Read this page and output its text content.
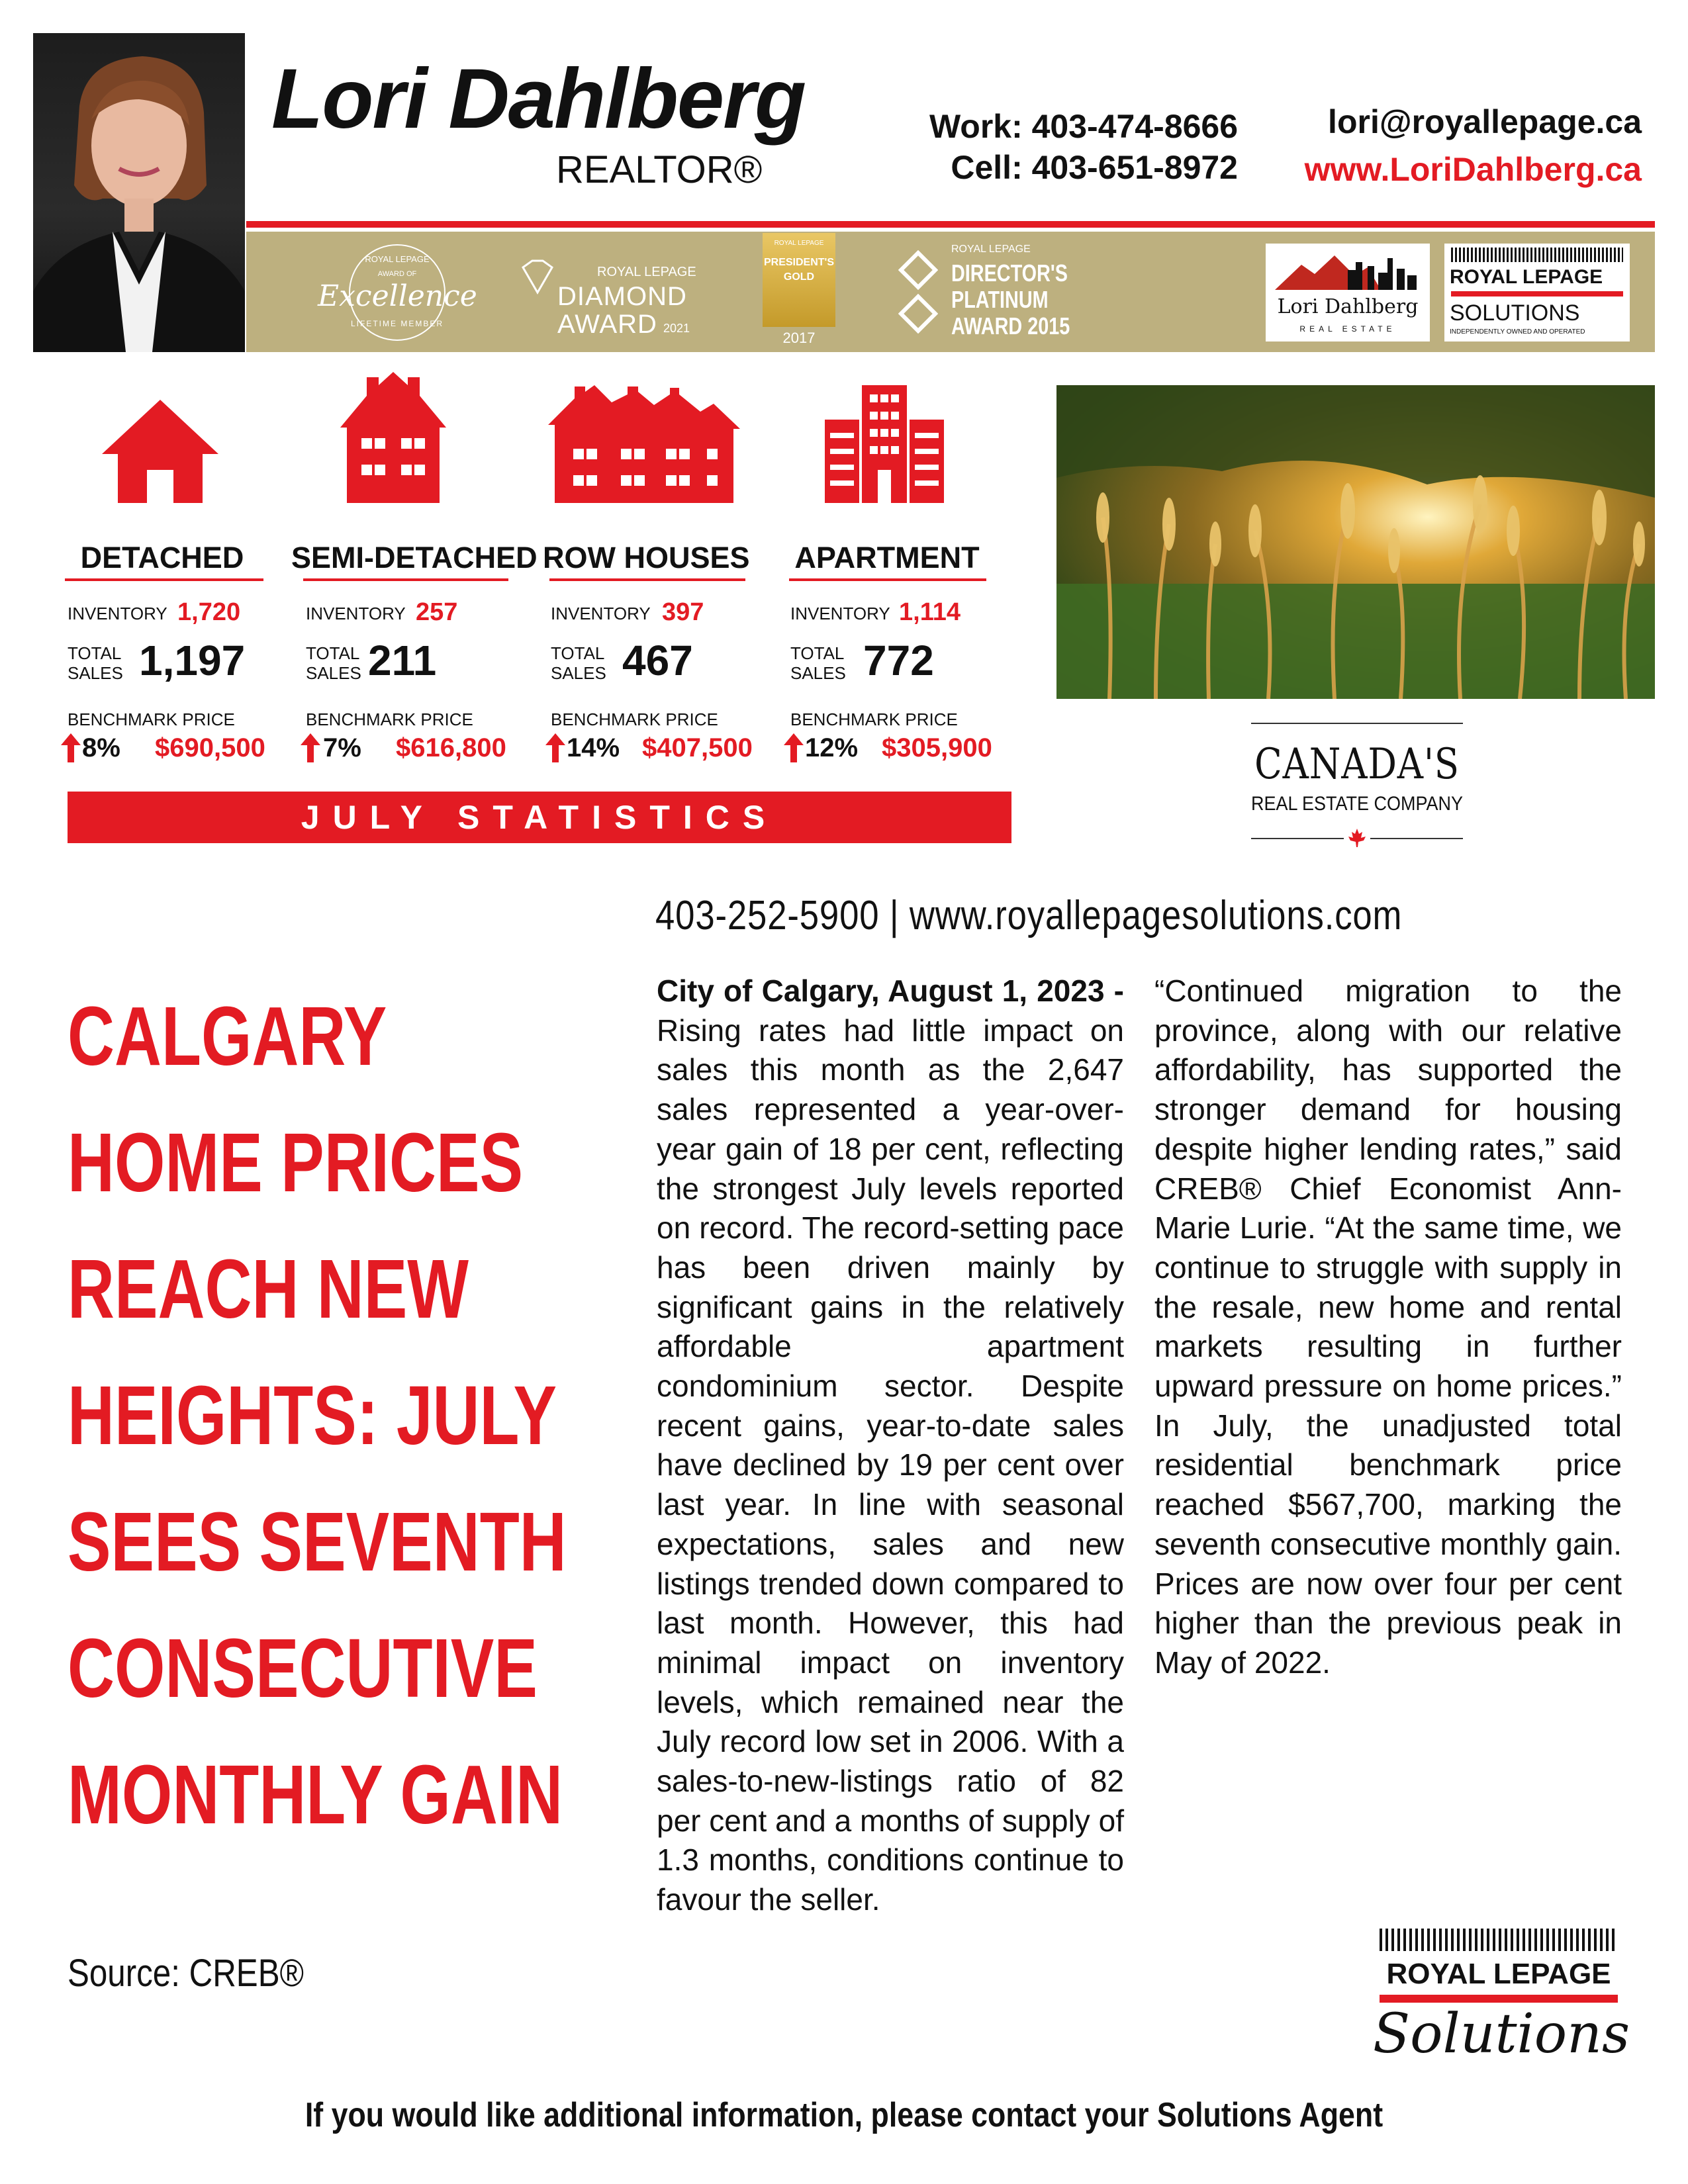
Lori Dahlberg
REALTOR®
Work: 403-474-8666
Cell: 403-651-8972
lori@royallepage.ca
www.LoriDahlberg.ca
ROYAL LEPAGE
AWARD OF
Excellence
LIFETIME MEMBER
ROYAL LEPAGE
DIAMOND
AWARD 2021
ROYAL LEPAGE
PRESIDENT'S
GOLD
2017
ROYAL LEPAGE
DIRECTOR'S
PLATINUM
AWARD 2015
Lori Dahlberg
REAL ESTATE
ROYAL LEPAGE
SOLUTIONS
INDEPENDENTLY OWNED AND OPERATED
DETACHED
INVENTORY 1,720
TOTAL
SALES 1,197
BENCHMARK PRICE
8% $690,500
SEMI-DETACHED
INVENTORY 257
TOTAL
SALES 211
BENCHMARK PRICE
7% $616,800
ROW HOUSES
INVENTORY 397
TOTAL
SALES 467
BENCHMARK PRICE
14% $407,500
APARTMENT
INVENTORY 1,114
TOTAL
SALES 772
BENCHMARK PRICE
12% $305,900
JULY STATISTICS
CANADA'S
REAL ESTATE COMPANY
403-252-5900 | www.royallepagesolutions.com
CALGARY
HOME PRICES
REACH NEW
HEIGHTS: JULY
SEES SEVENTH
CONSECUTIVE
MONTHLY GAIN
Source: CREB®
City of Calgary, August 1, 2023 - Rising rates had little impact on sales this month as the 2,647 sales represented a year-over-year gain of 18 per cent, reflecting the strongest July levels reported on record. The record-setting pace has been driven mainly by significant gains in the relatively affordable apartment condominium sector. Despite recent gains, year-to-date sales have declined by 19 per cent over last year. In line with seasonal expectations, sales and new listings trended down compared to last month. However, this had minimal impact on inventory levels, which remained near the July record low set in 2006. With a sales-to-new-listings ratio of 82 per cent and a months of supply of 1.3 months, conditions continue to favour the seller.
“Continued migration to the province, along with our relative affordability, has supported the stronger demand for housing despite higher lending rates,” said CREB® Chief Economist Ann-Marie Lurie. “At the same time, we continue to struggle with supply in the resale, new home and rental markets resulting in further upward pressure on home prices.” In July, the unadjusted total residential benchmark price reached $567,700, marking the seventh consecutive monthly gain. Prices are now over four per cent higher than the previous peak in May of 2022.
ROYAL LEPAGE
Solutions
If you would like additional information, please contact your Solutions Agent
